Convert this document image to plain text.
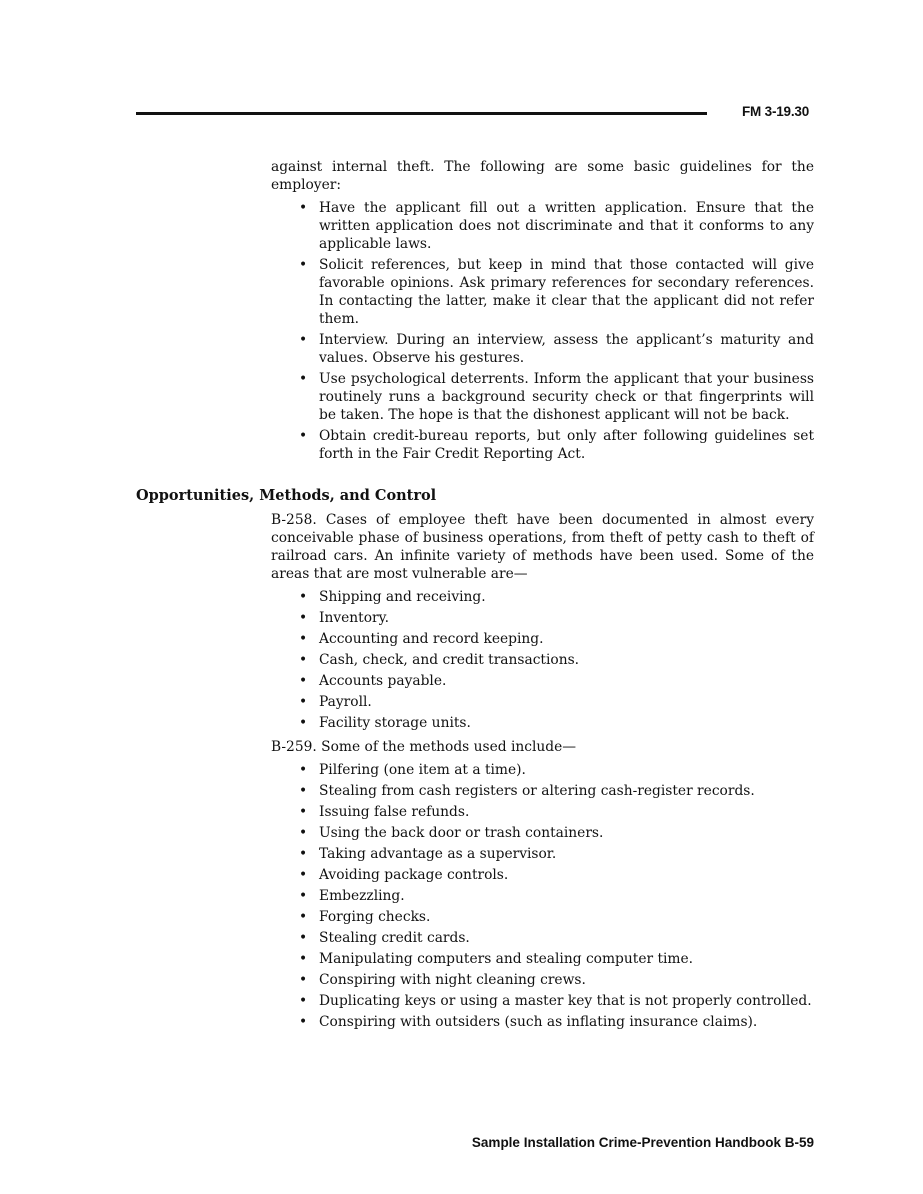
FM 3-19.30

against internal theft. The following are some basic guidelines for the employer:

• Have the applicant fill out a written application. Ensure that the written application does not discriminate and that it conforms to any applicable laws.
• Solicit references, but keep in mind that those contacted will give favorable opinions. Ask primary references for secondary references. In contacting the latter, make it clear that the applicant did not refer them.
• Interview. During an interview, assess the applicant’s maturity and values. Observe his gestures.
• Use psychological deterrents. Inform the applicant that your business routinely runs a background security check or that fingerprints will be taken. The hope is that the dishonest applicant will not be back.
• Obtain credit-bureau reports, but only after following guidelines set forth in the Fair Credit Reporting Act.

B-258. Cases of employee theft have been documented in almost every conceivable phase of business operations, from theft of petty cash to theft of railroad cars. An infinite variety of methods have been used. Some of the areas that are most vulnerable are—

• Shipping and receiving.
• Inventory.
• Accounting and record keeping.
• Cash, check, and credit transactions.
• Accounts payable.
• Payroll.
• Facility storage units.

B-259. Some of the methods used include—

• Pilfering (one item at a time).
• Stealing from cash registers or altering cash-register records.
• Issuing false refunds.
• Using the back door or trash containers.
• Taking advantage as a supervisor.
• Avoiding package controls.
• Embezzling.
• Forging checks.
• Stealing credit cards.
• Manipulating computers and stealing computer time.
• Conspiring with night cleaning crews.
• Duplicating keys or using a master key that is not properly controlled.
• Conspiring with outsiders (such as inflating insurance claims).
Opportunities, Methods, and Control
Sample Installation Crime-Prevention Handbook B-59
